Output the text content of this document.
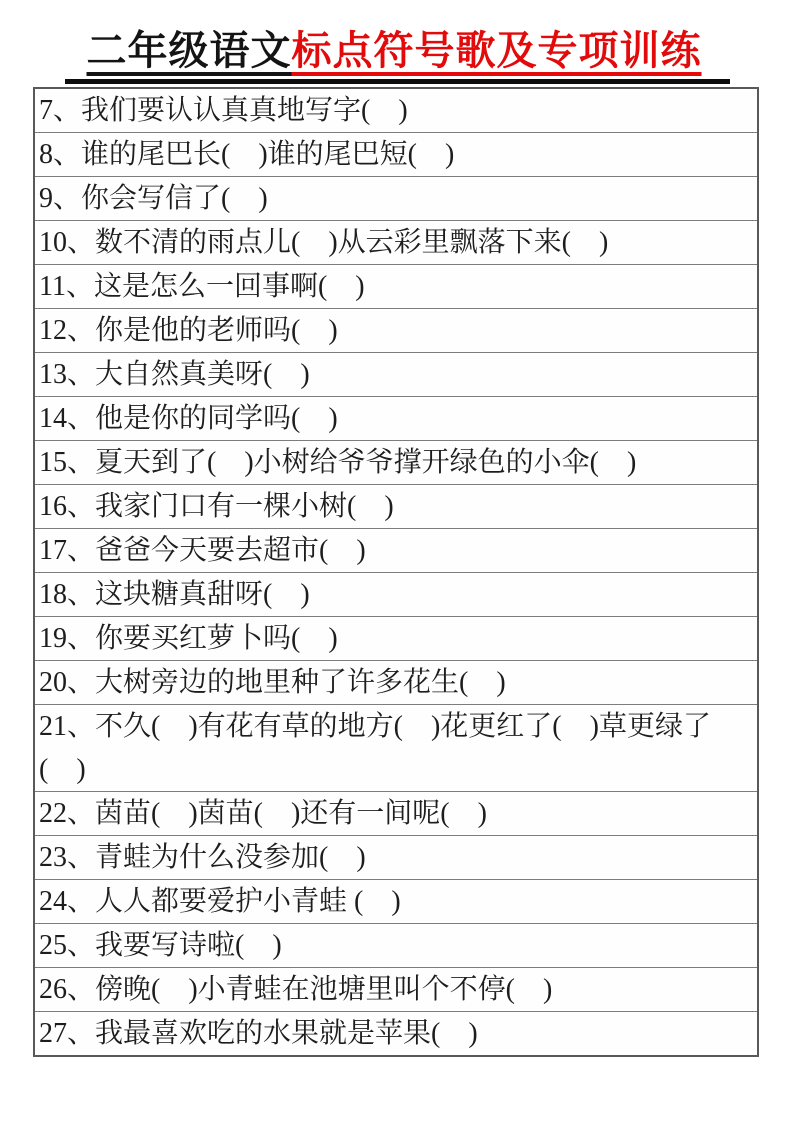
二年级语文标点符号歌及专项训练
7、我们要认认真真地写字(　)
8、谁的尾巴长(　)谁的尾巴短(　)
9、你会写信了(　)
10、数不清的雨点儿(　)从云彩里飘落下来(　)
11、这是怎么一回事啊(　)
12、你是他的老师吗(　)
13、大自然真美呀(　)
14、他是你的同学吗(　)
15、夏天到了(　)小树给爷爷撑开绿色的小伞(　)
16、我家门口有一棵小树(　)
17、爸爸今天要去超市(　)
18、这块糖真甜呀(　)
19、你要买红萝卜吗(　)
20、大树旁边的地里种了许多花生(　)
21、不久(　)有花有草的地方(　)花更红了(　)草更绿了(　)
22、茵苗(　)茵苗(　)还有一间呢(　)
23、青蛙为什么没参加(　)
24、人人都要爱护小青蛙 (　)
25、我要写诗啦(　)
26、傍晚(　)小青蛙在池塘里叫个不停(　)
27、我最喜欢吃的水果就是苹果(　)
